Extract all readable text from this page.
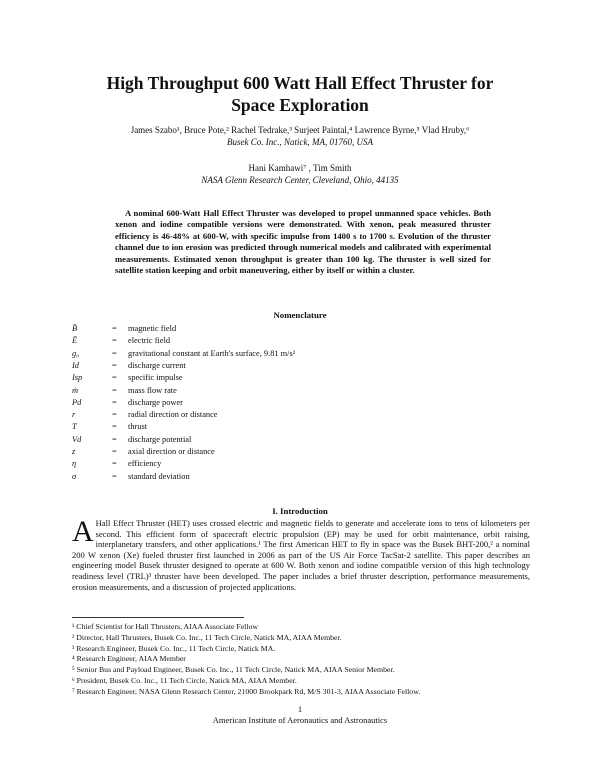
High Throughput 600 Watt Hall Effect Thruster for
Space Exploration
James Szabo¹, Bruce Pote,² Rachel Tedrake,³ Surjeet Paintal,⁴ Lawrence Byrne,⁵ Vlad Hruby,⁶
Busek Co. Inc., Natick, MA, 01760, USA
Hani Kamhawi⁷ , Tim Smith
NASA Glenn Research Center, Cleveland, Ohio, 44135
A nominal 600-Watt Hall Effect Thruster was developed to propel unmanned space vehicles. Both xenon and iodine compatible versions were demonstrated. With xenon, peak measured thruster efficiency is 46-48% at 600-W, with specific impulse from 1400 s to 1700 s. Evolution of the thruster channel due to ion erosion was predicted through numerical models and calibrated with experimental measurements. Estimated xenon throughput is greater than 100 kg. The thruster is well sized for satellite station keeping and orbit maneuvering, either by itself or within a cluster.
Nomenclature
B̄	= magnetic field
Ē	= electric field
g₀	= gravitational constant at Earth's surface, 9.81 m/s²
Id	= discharge current
Isp	= specific impulse
ṁ	= mass flow rate
Pd	= discharge power
r	= radial direction or distance
T	= thrust
Vd	= discharge potential
z	= axial direction or distance
η	= efficiency
σ	= standard deviation
I. Introduction
A Hall Effect Thruster (HET) uses crossed electric and magnetic fields to generate and accelerate ions to tens of kilometers per second. This efficient form of spacecraft electric propulsion (EP) may be used for orbit maintenance, orbit raising, interplanetary transfers, and other applications.¹ The first American HET to fly in space was the Busek BHT-200,² a nominal 200 W xenon (Xe) fueled thruster first launched in 2006 as part of the US Air Force TacSat-2 satellite. This paper describes an engineering model Busek thruster designed to operate at 600 W. Both xenon and iodine compatible version of this high technology readiness level (TRL)³ thruster have been developed. The paper includes a brief thruster description, performance measurements, erosion measurements, and a discussion of projected applications.
¹ Chief Scientist for Hall Thrusters, AIAA Associate Fellow
² Director, Hall Thrusters, Busek Co. Inc., 11 Tech Circle, Natick MA, AIAA Member.
³ Research Engineer, Busek Co. Inc., 11 Tech Circle, Natick MA.
⁴ Research Engineer, AIAA Member
⁵ Senior Bus and Payload Engineer, Busek Co. Inc., 11 Tech Circle, Natick MA, AIAA Senior Member.
⁶ President, Busek Co. Inc., 11 Tech Circle, Natick MA, AIAA Member.
⁷ Research Engineer, NASA Glenn Research Center, 21000 Brookpark Rd, M/S 301-3, AIAA Associate Fellow.
1
American Institute of Aeronautics and Astronautics
